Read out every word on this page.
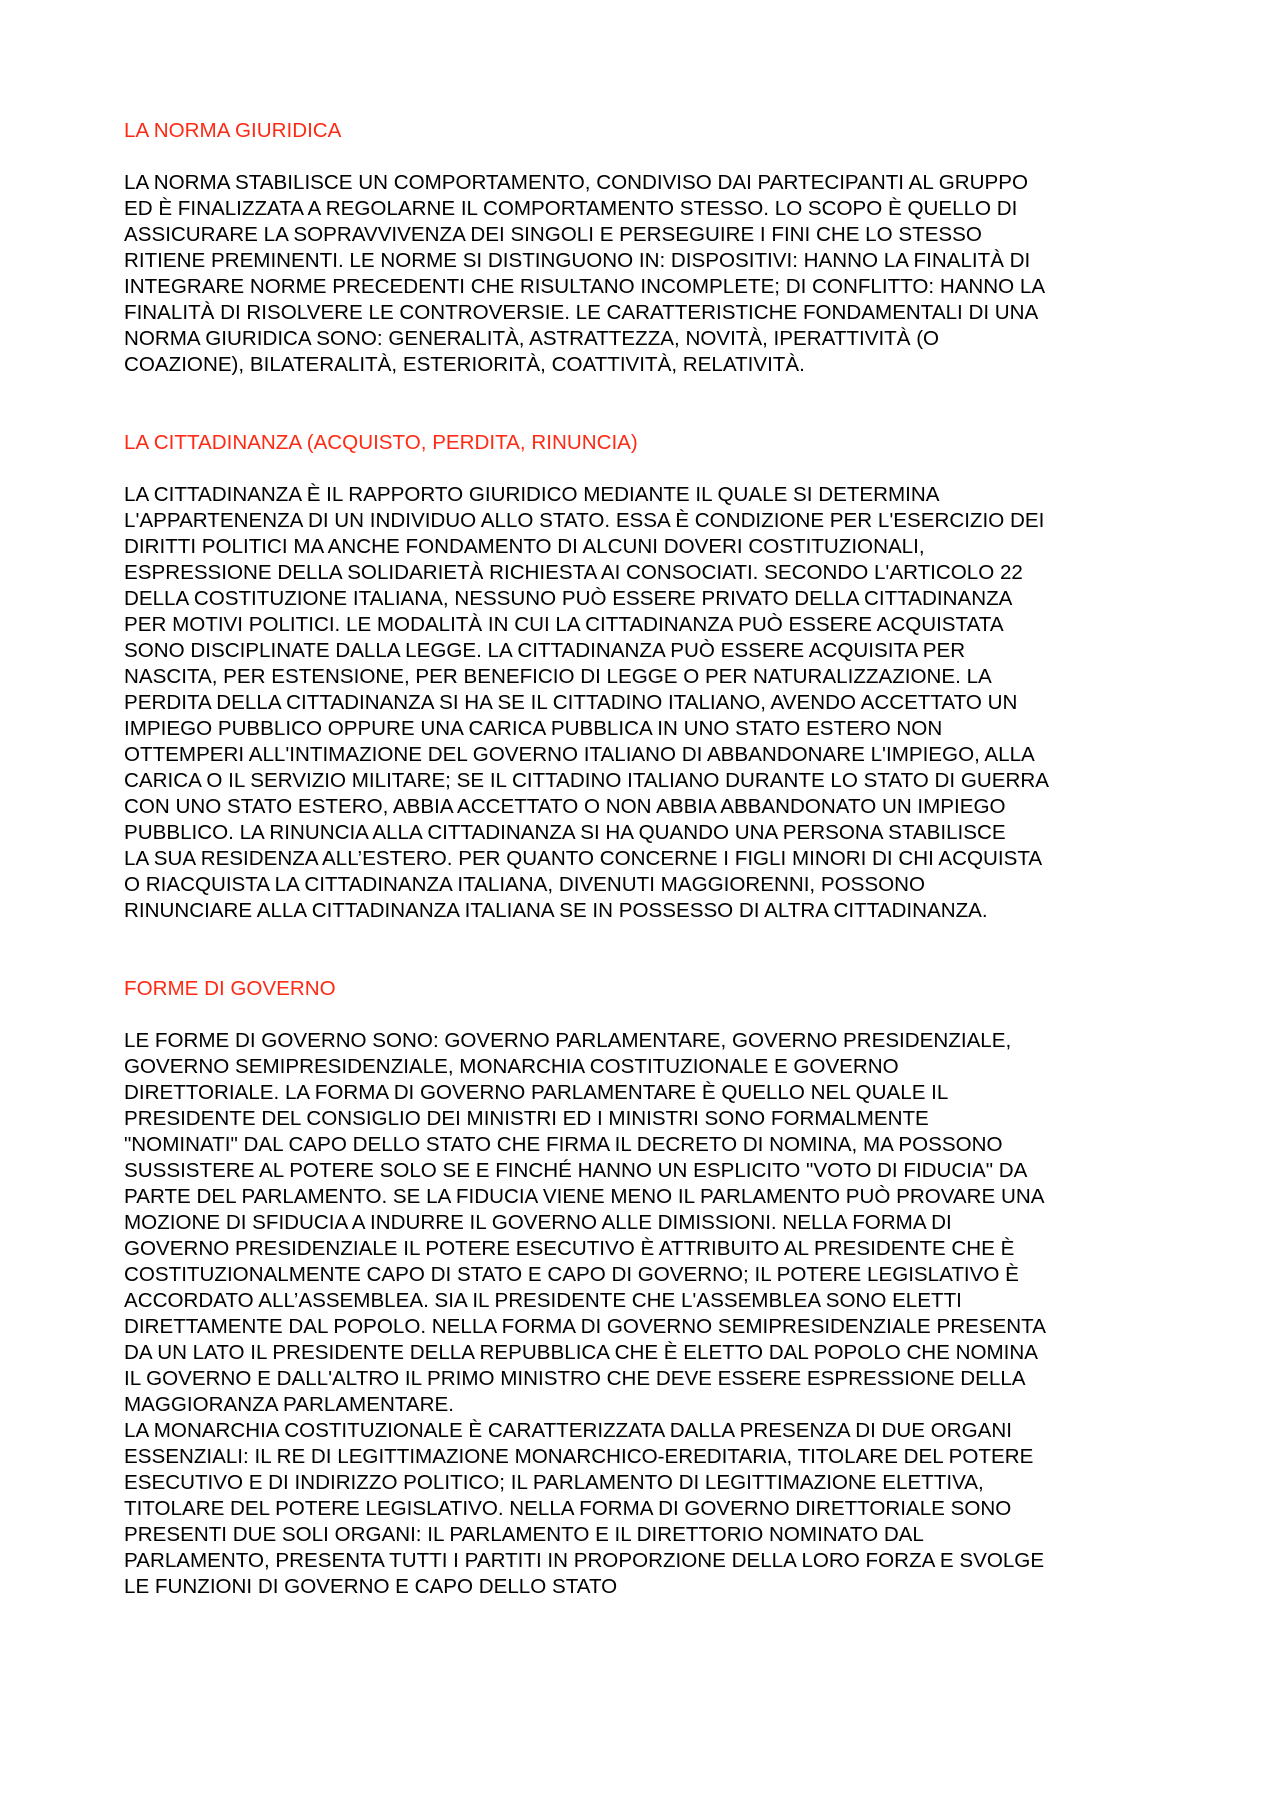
LA NORMA GIURIDICA

LA NORMA STABILISCE UN COMPORTAMENTO, CONDIVISO DAI PARTECIPANTI AL GRUPPO
ED È FINALIZZATA A REGOLARNE IL COMPORTAMENTO STESSO. LO SCOPO È QUELLO DI
ASSICURARE LA SOPRAVVIVENZA DEI SINGOLI E PERSEGUIRE I FINI CHE LO STESSO
RITIENE PREMINENTI. LE NORME SI DISTINGUONO IN: DISPOSITIVI: HANNO LA FINALITÀ DI
INTEGRARE NORME PRECEDENTI CHE RISULTANO INCOMPLETE; DI CONFLITTO: HANNO LA
FINALITÀ DI RISOLVERE LE CONTROVERSIE. LE CARATTERISTICHE FONDAMENTALI DI UNA
NORMA GIURIDICA SONO: GENERALITÀ, ASTRATTEZZA, NOVITÀ, IPERATTIVITÀ (O
COAZIONE), BILATERALITÀ, ESTERIORITÀ, COATTIVITÀ, RELATIVITÀ.

LA CITTADINANZA (ACQUISTO, PERDITA, RINUNCIA)

LA CITTADINANZA È IL RAPPORTO GIURIDICO MEDIANTE IL QUALE SI DETERMINA
L'APPARTENENZA DI UN INDIVIDUO ALLO STATO. ESSA È CONDIZIONE PER L'ESERCIZIO DEI
DIRITTI POLITICI MA ANCHE FONDAMENTO DI ALCUNI DOVERI COSTITUZIONALI,
ESPRESSIONE DELLA SOLIDARIETÀ RICHIESTA AI CONSOCIATI. SECONDO L'ARTICOLO 22
DELLA COSTITUZIONE ITALIANA, NESSUNO PUÒ ESSERE PRIVATO DELLA CITTADINANZA
PER MOTIVI POLITICI. LE MODALITÀ IN CUI LA CITTADINANZA PUÒ ESSERE ACQUISTATA
SONO DISCIPLINATE DALLA LEGGE. LA CITTADINANZA PUÒ ESSERE ACQUISITA PER
NASCITA, PER ESTENSIONE, PER BENEFICIO DI LEGGE O PER NATURALIZZAZIONE. LA
PERDITA DELLA CITTADINANZA SI HA SE IL CITTADINO ITALIANO, AVENDO ACCETTATO UN
IMPIEGO PUBBLICO OPPURE UNA CARICA PUBBLICA IN UNO STATO ESTERO NON
OTTEMPERI ALL'INTIMAZIONE DEL GOVERNO ITALIANO DI ABBANDONARE L'IMPIEGO, ALLA
CARICA O IL SERVIZIO MILITARE; SE IL CITTADINO ITALIANO DURANTE LO STATO DI GUERRA
CON UNO STATO ESTERO, ABBIA ACCETTATO O NON ABBIA ABBANDONATO UN IMPIEGO
PUBBLICO. LA RINUNCIA ALLA CITTADINANZA SI HA QUANDO UNA PERSONA STABILISCE
LA SUA RESIDENZA ALL’ESTERO. PER QUANTO CONCERNE I FIGLI MINORI DI CHI ACQUISTA
O RIACQUISTA LA CITTADINANZA ITALIANA, DIVENUTI MAGGIORENNI, POSSONO
RINUNCIARE ALLA CITTADINANZA ITALIANA SE IN POSSESSO DI ALTRA CITTADINANZA.

FORME DI GOVERNO

LE FORME DI GOVERNO SONO: GOVERNO PARLAMENTARE, GOVERNO PRESIDENZIALE,
GOVERNO SEMIPRESIDENZIALE, MONARCHIA COSTITUZIONALE E GOVERNO
DIRETTORIALE. LA FORMA DI GOVERNO PARLAMENTARE È QUELLO NEL QUALE IL
PRESIDENTE DEL CONSIGLIO DEI MINISTRI ED I MINISTRI SONO FORMALMENTE
"NOMINATI" DAL CAPO DELLO STATO CHE FIRMA IL DECRETO DI NOMINA, MA POSSONO
SUSSISTERE AL POTERE SOLO SE E FINCHÉ HANNO UN ESPLICITO "VOTO DI FIDUCIA" DA
PARTE DEL PARLAMENTO. SE LA FIDUCIA VIENE MENO IL PARLAMENTO PUÒ PROVARE UNA
MOZIONE DI SFIDUCIA A INDURRE IL GOVERNO ALLE DIMISSIONI. NELLA FORMA DI
GOVERNO PRESIDENZIALE IL POTERE ESECUTIVO È ATTRIBUITO AL PRESIDENTE CHE È
COSTITUZIONALMENTE CAPO DI STATO E CAPO DI GOVERNO; IL POTERE LEGISLATIVO È
ACCORDATO ALL’ASSEMBLEA. SIA IL PRESIDENTE CHE L'ASSEMBLEA SONO ELETTI
DIRETTAMENTE DAL POPOLO. NELLA FORMA DI GOVERNO SEMIPRESIDENZIALE PRESENTA
DA UN LATO IL PRESIDENTE DELLA REPUBBLICA CHE È ELETTO DAL POPOLO CHE NOMINA
IL GOVERNO E DALL'ALTRO IL PRIMO MINISTRO CHE DEVE ESSERE ESPRESSIONE DELLA
MAGGIORANZA PARLAMENTARE.

LA MONARCHIA COSTITUZIONALE È CARATTERIZZATA DALLA PRESENZA DI DUE ORGANI
ESSENZIALI: IL RE DI LEGITTIMAZIONE MONARCHICO-EREDITARIA, TITOLARE DEL POTERE
ESECUTIVO E DI INDIRIZZO POLITICO; IL PARLAMENTO DI LEGITTIMAZIONE ELETTIVA,
TITOLARE DEL POTERE LEGISLATIVO. NELLA FORMA DI GOVERNO DIRETTORIALE SONO
PRESENTI DUE SOLI ORGANI: IL PARLAMENTO E IL DIRETTORIO NOMINATO DAL
PARLAMENTO, PRESENTA TUTTI I PARTITI IN PROPORZIONE DELLA LORO FORZA E SVOLGE
LE FUNZIONI DI GOVERNO E CAPO DELLO STATO
